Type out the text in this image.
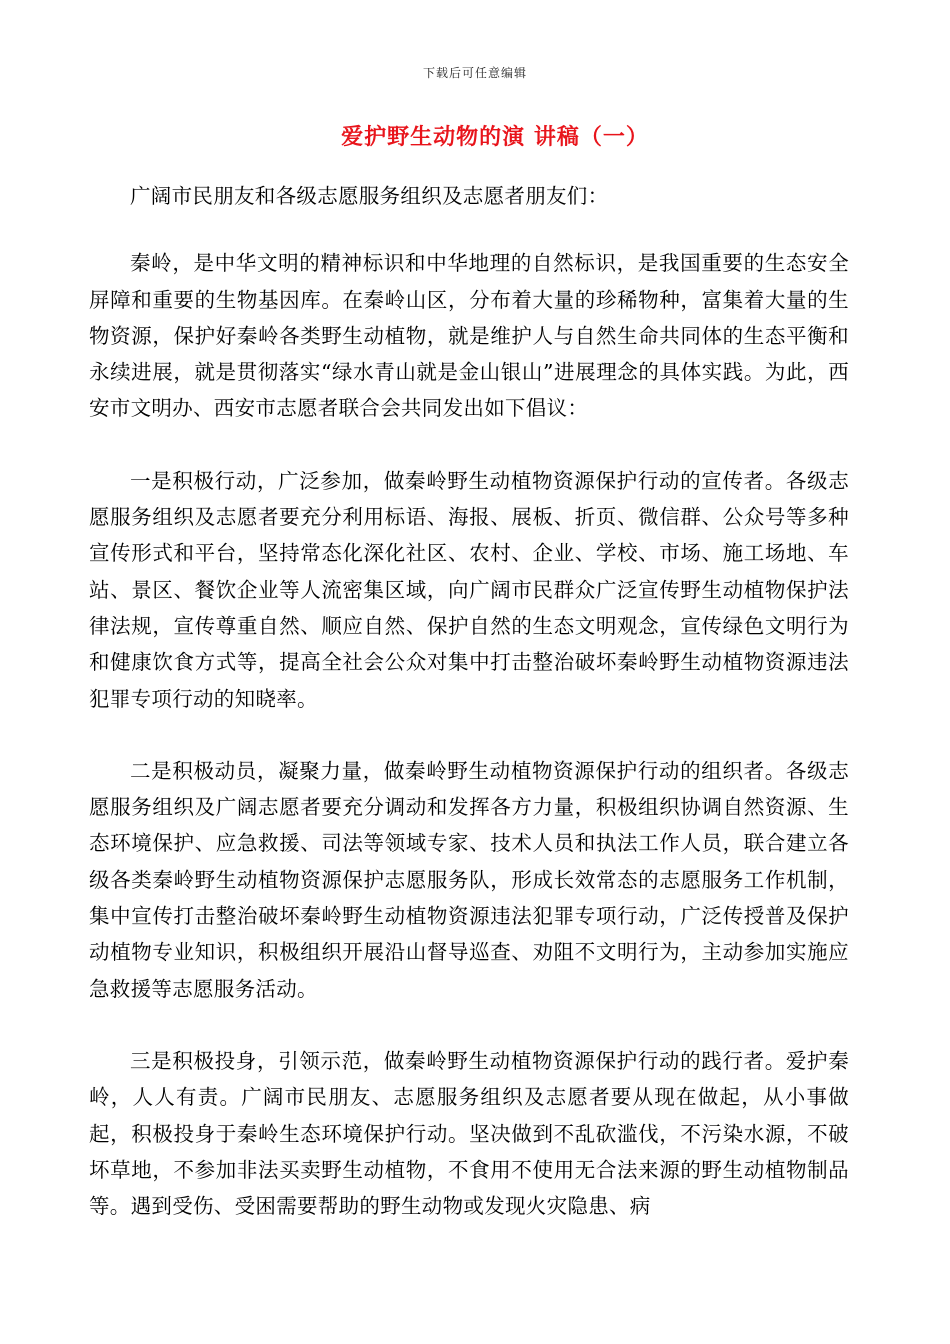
下载后可任意编辑
爱护野生动物的演 讲稿（一）

广阔市民朋友和各级志愿服务组织及志愿者朋友们：

秦岭，是中华文明的精神标识和中华地理的自然标识，是我国重要的生态安全屏障和重要的生物基因库。在秦岭山区，分布着大量的珍稀物种，富集着大量的生物资源，保护好秦岭各类野生动植物，就是维护人与自然生命共同体的生态平衡和永续进展，就是贯彻落实“绿水青山就是金山银山”进展理念的具体实践。为此，西安市文明办、西安市志愿者联合会共同发出如下倡议：

一是积极行动，广泛参加，做秦岭野生动植物资源保护行动的宣传者。各级志愿服务组织及志愿者要充分利用标语、海报、展板、折页、微信群、公众号等多种宣传形式和平台，坚持常态化深化社区、农村、企业、学校、市场、施工场地、车站、景区、餐饮企业等人流密集区域，向广阔市民群众广泛宣传野生动植物保护法律法规，宣传尊重自然、顺应自然、保护自然的生态文明观念，宣传绿色文明行为和健康饮食方式等，提高全社会公众对集中打击整治破坏秦岭野生动植物资源违法犯罪专项行动的知晓率。

二是积极动员，凝聚力量，做秦岭野生动植物资源保护行动的组织者。各级志愿服务组织及广阔志愿者要充分调动和发挥各方力量，积极组织协调自然资源、生态环境保护、应急救援、司法等领域专家、技术人员和执法工作人员，联合建立各级各类秦岭野生动植物资源保护志愿服务队，形成长效常态的志愿服务工作机制，集中宣传打击整治破坏秦岭野生动植物资源违法犯罪专项行动，广泛传授普及保护动植物专业知识，积极组织开展沿山督导巡查、劝阻不文明行为，主动参加实施应急救援等志愿服务活动。

三是积极投身，引领示范，做秦岭野生动植物资源保护行动的践行者。爱护秦岭，人人有责。广阔市民朋友、志愿服务组织及志愿者要从现在做起，从小事做起，积极投身于秦岭生态环境保护行动。坚决做到不乱砍滥伐，不污染水源，不破坏草地，不参加非法买卖野生动植物，不食用不使用无合法来源的野生动植物制品等。遇到受伤、受困需要帮助的野生动物或发现火灾隐患、病
